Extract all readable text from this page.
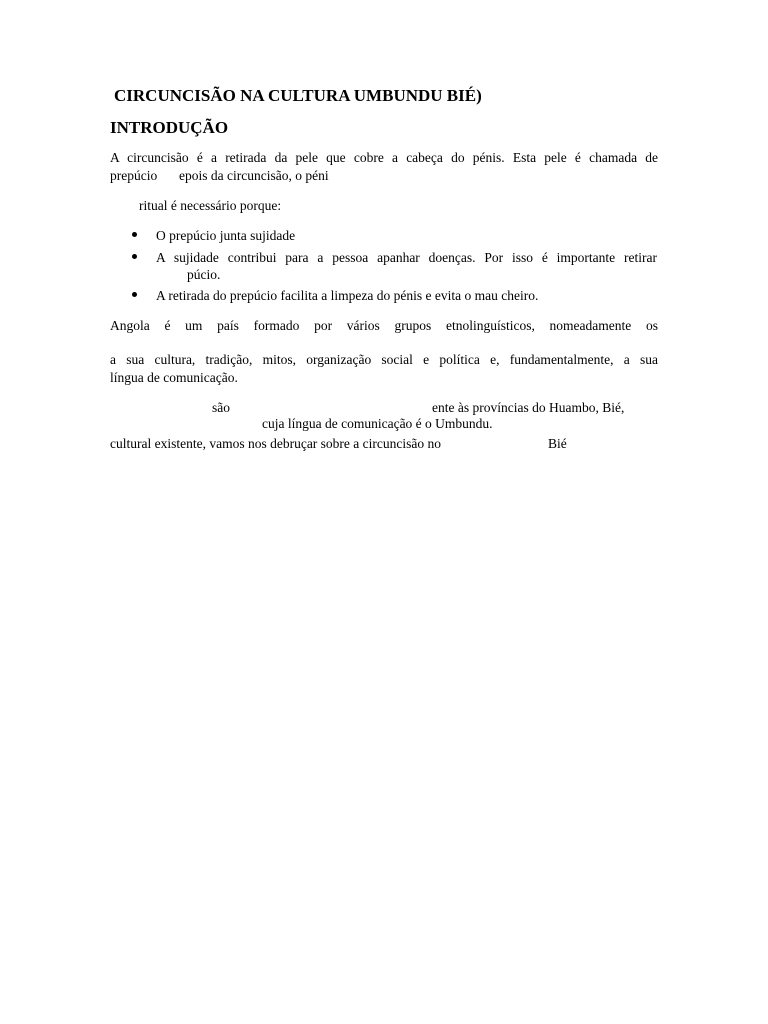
CIRCUNCISÃO NA CULTURA UMBUNDU BIÉ)
INTRODUÇÃO
A circuncisão é a retirada da pele que cobre a cabeça do pénis. Esta pele é chamada de
prepúcio epois da circuncisão, o péni
ritual é necessário porque:
O prepúcio junta sujidade
A sujidade contribui para a pessoa apanhar doenças. Por isso é importante retirar
púcio.
A retirada do prepúcio facilita a limpeza do pénis e evita o mau cheiro.
Angola é um país formado por vários grupos etnolinguísticos, nomeadamente os
a sua cultura, tradição, mitos, organização social e política e, fundamentalmente, a sua
língua de comunicação.
são	ente às províncias do Huambo, Bié,
cuja língua de comunicação é o Umbundu.
cultural existente, vamos nos debruçar sobre a circuncisão no	Bié
